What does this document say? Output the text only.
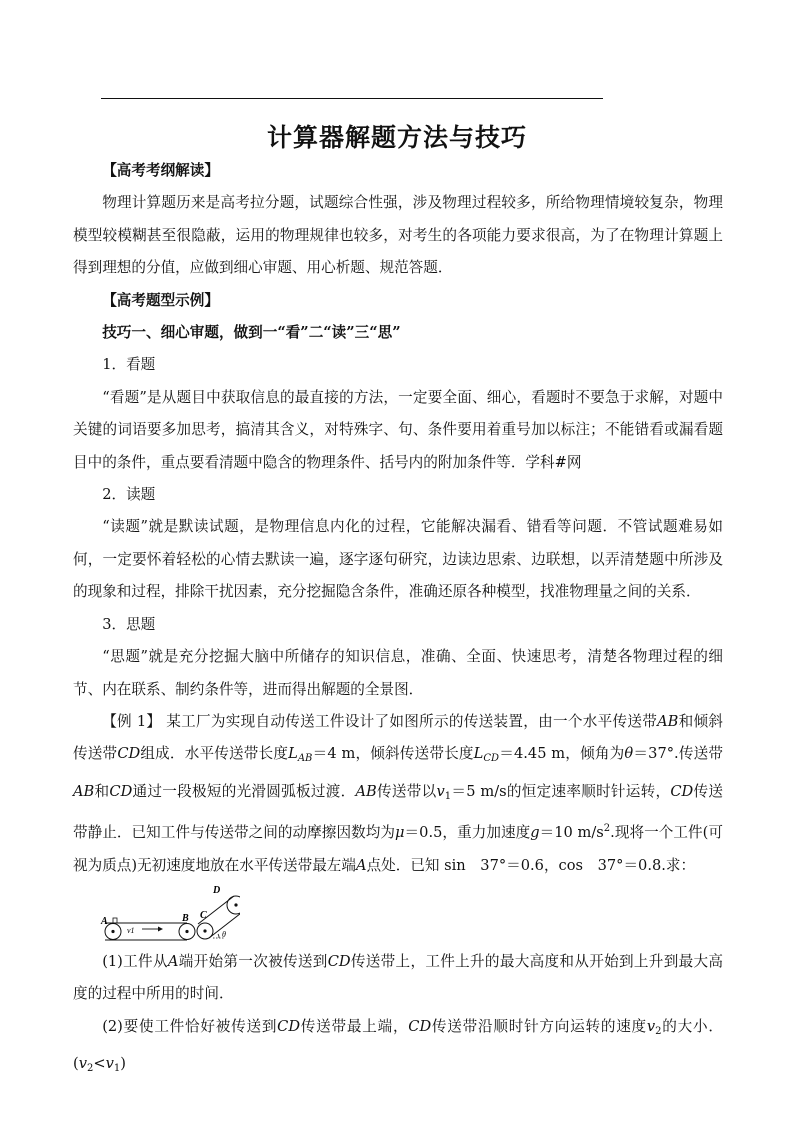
计算器解题方法与技巧

【高考考纲解读】

物理计算题历来是高考拉分题，试题综合性强，涉及物理过程较多，所给物理情境较复杂，物理模型较模糊甚至很隐蔽，运用的物理规律也较多，对考生的各项能力要求很高，为了在物理计算题上得到理想的分值，应做到细心审题、用心析题、规范答题．

【高考题型示例】

技巧一、细心审题，做到一“看”二“读”三“思”

1．看题

“看题”是从题目中获取信息的最直接的方法，一定要全面、细心，看题时不要急于求解，对题中关键的词语要多加思考，搞清其含义，对特殊字、句、条件要用着重号加以标注；不能错看或漏看题目中的条件，重点要看清题中隐含的物理条件、括号内的附加条件等．学科#网

2．读题

“读题”就是默读试题，是物理信息内化的过程，它能解决漏看、错看等问题．不管试题难易如何，一定要怀着轻松的心情去默读一遍，逐字逐句研究，边读边思索、边联想，以弄清楚题中所涉及的现象和过程，排除干扰因素，充分挖掘隐含条件，准确还原各种模型，找准物理量之间的关系．

3．思题

“思题”就是充分挖掘大脑中所储存的知识信息，准确、全面、快速思考，清楚各物理过程的细节、内在联系、制约条件等，进而得出解题的全景图．

【例 1】 某工厂为实现自动传送工件设计了如图所示的传送装置，由一个水平传送带AB和倾斜传送带CD组成．水平传送带长度$L_{AB}=4$ m，倾斜传送带长度$L_{CD}=4.45$ m，倾角为θ＝37°.传送带AB和CD通过一段极短的光滑圆弧板过渡．AB传送带以$v_1=5$ m/s的恒定速率顺时针运转，CD传送带静止．已知工件与传送带之间的动摩擦因数均为μ＝0.5，重力加速度g＝10 $m/s^2$.现将一个工件(可视为质点)无初速度地放在水平传送带最左端A点处．已知 sin　37°＝0.6，cos　37°＝0.8.求：

A	B C
D
v1	θ

(1)工件从A端开始第一次被传送到CD传送带上，工件上升的最大高度和从开始到上升到最大高度的过程中所用的时间．

(2)要使工件恰好被传送到CD传送带最上端，CD传送带沿顺时针方向运转的速度$v_2$的大小．$(v_2<v_1)$
